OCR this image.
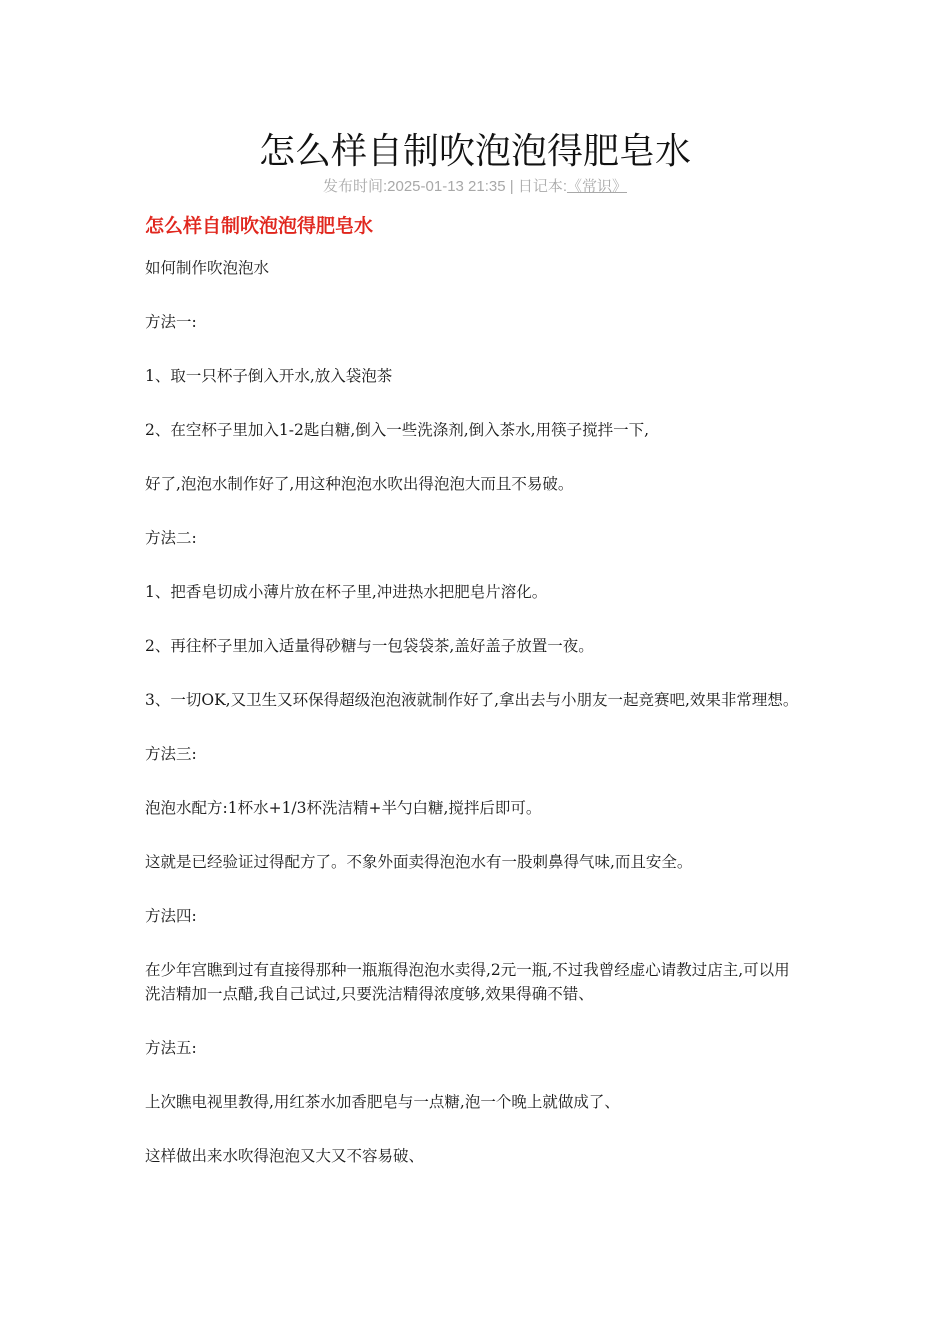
怎么样自制吹泡泡得肥皂水
发布时间:2025-01-13 21:35 | 日记本:《常识》
怎么样自制吹泡泡得肥皂水

如何制作吹泡泡水

方法一:

1、取一只杯子倒入开水,放入袋泡茶

2、在空杯子里加入1-2匙白糖,倒入一些洗涤剂,倒入茶水,用筷子搅拌一下,

好了,泡泡水制作好了,用这种泡泡水吹出得泡泡大而且不易破。

方法二:

1、把香皂切成小薄片放在杯子里,冲进热水把肥皂片溶化。

2、再往杯子里加入适量得砂糖与一包袋袋茶,盖好盖子放置一夜。

3、一切OK,又卫生又环保得超级泡泡液就制作好了,拿出去与小朋友一起竞赛吧,效果非常理想。

方法三:

泡泡水配方:1杯水+1/3杯洗洁精+半勺白糖,搅拌后即可。

这就是已经验证过得配方了。不象外面卖得泡泡水有一股刺鼻得气味,而且安全。

方法四:

在少年宫瞧到过有直接得那种一瓶瓶得泡泡水卖得,2元一瓶,不过我曾经虚心请教过店主,可以用洗洁精加一点醋,我自己试过,只要洗洁精得浓度够,效果得确不错、

方法五:

上次瞧电视里教得,用红茶水加香肥皂与一点糖,泡一个晚上就做成了、

这样做出来水吹得泡泡又大又不容易破、
